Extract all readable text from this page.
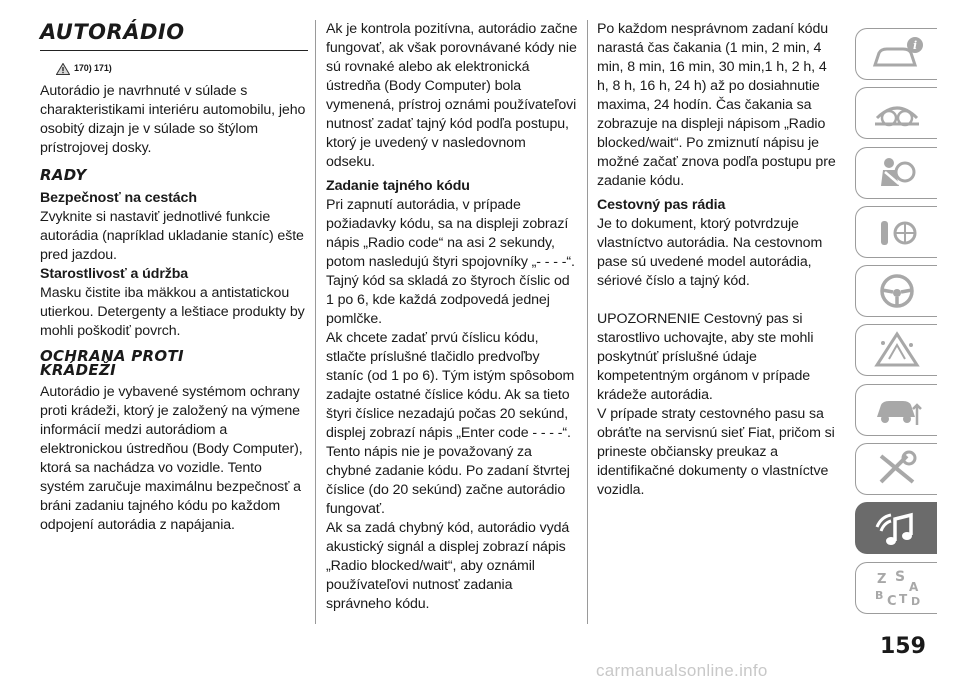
AUTORÁDIO
170) 171)

Autorádio je navrhnuté v súlade s charakteristikami interiéru automobilu, jeho osobitý dizajn je v súlade so štýlom prístrojovej dosky.

RADY
Bezpečnosť na cestách

Zvyknite si nastaviť jednotlivé funkcie autorádia (napríklad ukladanie staníc) ešte pred jazdou.

Starostlivosť a údržba

Masku čistite iba mäkkou a antistatickou utierkou. Detergenty a leštiace produkty by mohli poškodiť povrch.

OCHRANA PROTI
KRÁDEŽI

Autorádio je vybavené systémom ochrany proti krádeži, ktorý je založený na výmene informácií medzi autorádiom a elektronickou ústredňou (Body Computer), ktorá sa nachádza vo vozidle. Tento systém zaručuje maximálnu bezpečnosť a bráni zadaniu tajného kódu po každom odpojení autorádia z napájania.

Ak je kontrola pozitívna, autorádio začne fungovať, ak však porovnávané kódy nie sú rovnaké alebo ak elektronická ústredňa (Body Computer) bola vymenená, prístroj oznámi používateľovi nutnosť zadať tajný kód podľa postupu, ktorý je uvedený v nasledovnom odseku.

Zadanie tajného kódu

Pri zapnutí autorádia, v prípade požiadavky kódu, sa na displeji zobrazí nápis „Radio code“ na asi 2 sekundy, potom nasledujú štyri spojovníky „- - - -“.

Tajný kód sa skladá zo štyroch číslic od 1 po 6, kde každá zodpovedá jednej pomlčke.

Ak chcete zadať prvú číslicu kódu, stlačte príslušné tlačidlo predvoľby staníc (od 1 po 6). Tým istým spôsobom zadajte ostatné číslice kódu. Ak sa tieto štyri číslice nezadajú počas 20 sekúnd, displej zobrazí nápis „Enter code - - - -“. Tento nápis nie je považovaný za chybné zadanie kódu. Po zadaní štvrtej číslice (do 20 sekúnd) začne autorádio fungovať.

Ak sa zadá chybný kód, autorádio vydá akustický signál a displej zobrazí nápis „Radio blocked/wait“, aby oznámil používateľovi nutnosť zadania správneho kódu.

Po každom nesprávnom zadaní kódu narastá čas čakania (1 min, 2 min, 4 min, 8 min, 16 min, 30 min,1 h, 2 h, 4 h, 8 h, 16 h, 24 h) až po dosiahnutie maxima, 24 hodín. Čas čakania sa zobrazuje na displeji nápisom „Radio blocked/wait“. Po zmiznutí nápisu je možné začať znova podľa postupu pre zadanie kódu.

Cestovný pas rádia

Je to dokument, ktorý potvrdzuje vlastníctvo autorádia. Na cestovnom pase sú uvedené model autorádia, sériové číslo a tajný kód.

UPOZORNENIE Cestovný pas si starostlivo uchovajte, aby ste mohli poskytnúť príslušné údaje kompetentným orgánom v prípade krádeže autorádia.

V prípade straty cestovného pasu sa obráťte na servisnú sieť Fiat, pričom si prineste občiansky preukaz a identifikačné dokumenty o vlastníctve vozidla.

i
Z S
A
B C T D
159
carmanualsonline.info
